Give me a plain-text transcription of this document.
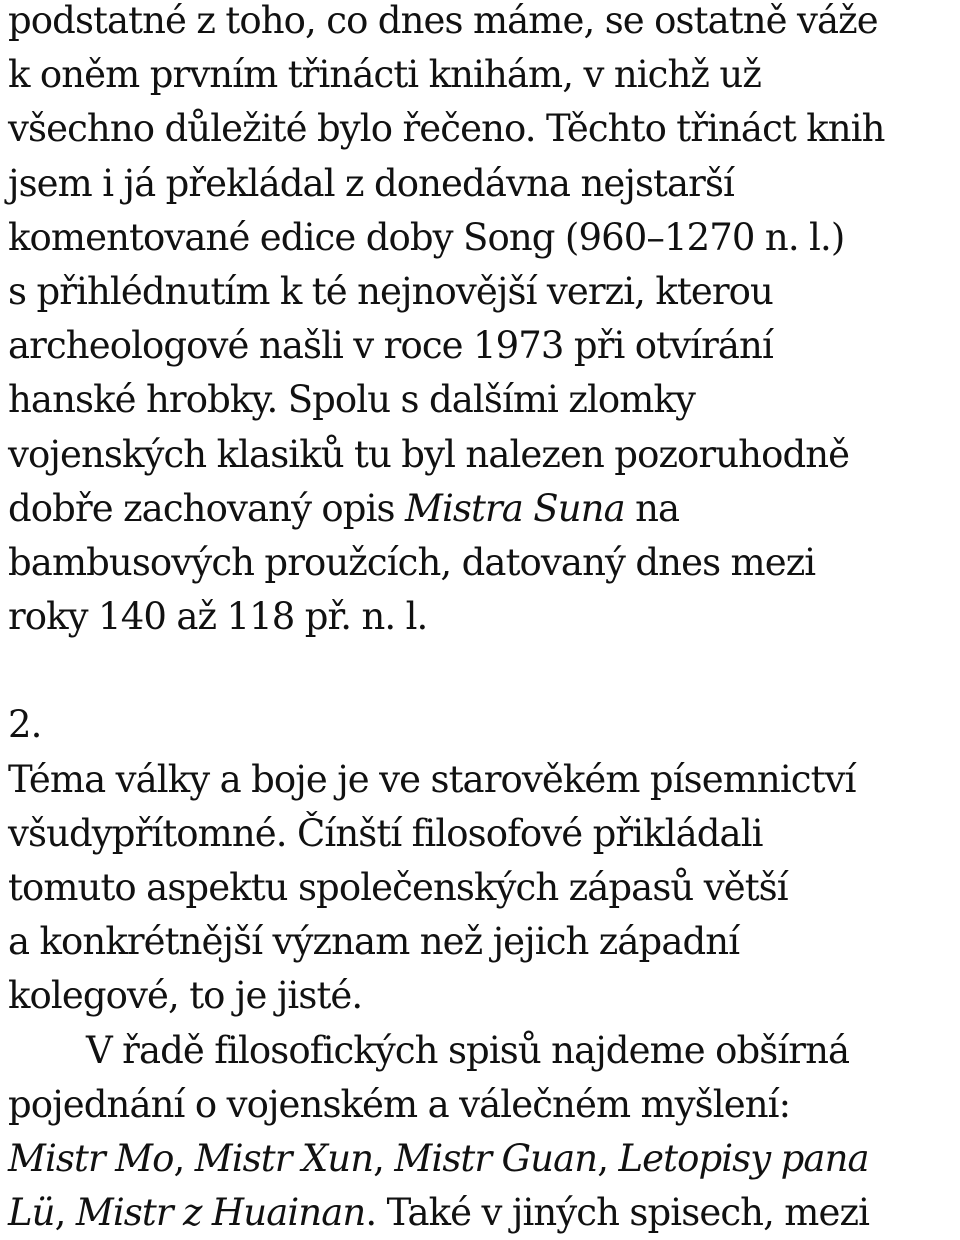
podstatné z toho, co dnes máme, se ostatně váže
k oněm prvním třinácti knihám, v nichž už
všechno důležité bylo řečeno. Těchto třináct knih
jsem i já překládal z donedávna nejstarší
komentované edice doby Song (960–1270 n. l.)
s přihlédnutím k té nejnovější verzi, kterou
archeologové našli v roce 1973 při otvírání
hanské hrobky. Spolu s dalšími zlomky
vojenských klasiků tu byl nalezen pozoruhodně
dobře zachovaný opis Mistra Suna na
bambusových proužcích, datovaný dnes mezi
roky 140 až 118 př. n. l.
2.
Téma války a boje je ve starověkém písemnictví
všudypřítomné. Čínští filosofové přikládali
tomuto aspektu společenských zápasů větší
a konkrétnější význam než jejich západní
kolegové, to je jisté.
V řadě filosofických spisů najdeme obšírná
pojednání o vojenském a válečném myšlení:
Mistr Mo, Mistr Xun, Mistr Guan, Letopisy pana
Lü, Mistr z Huainan. Také v jiných spisech, mezi
